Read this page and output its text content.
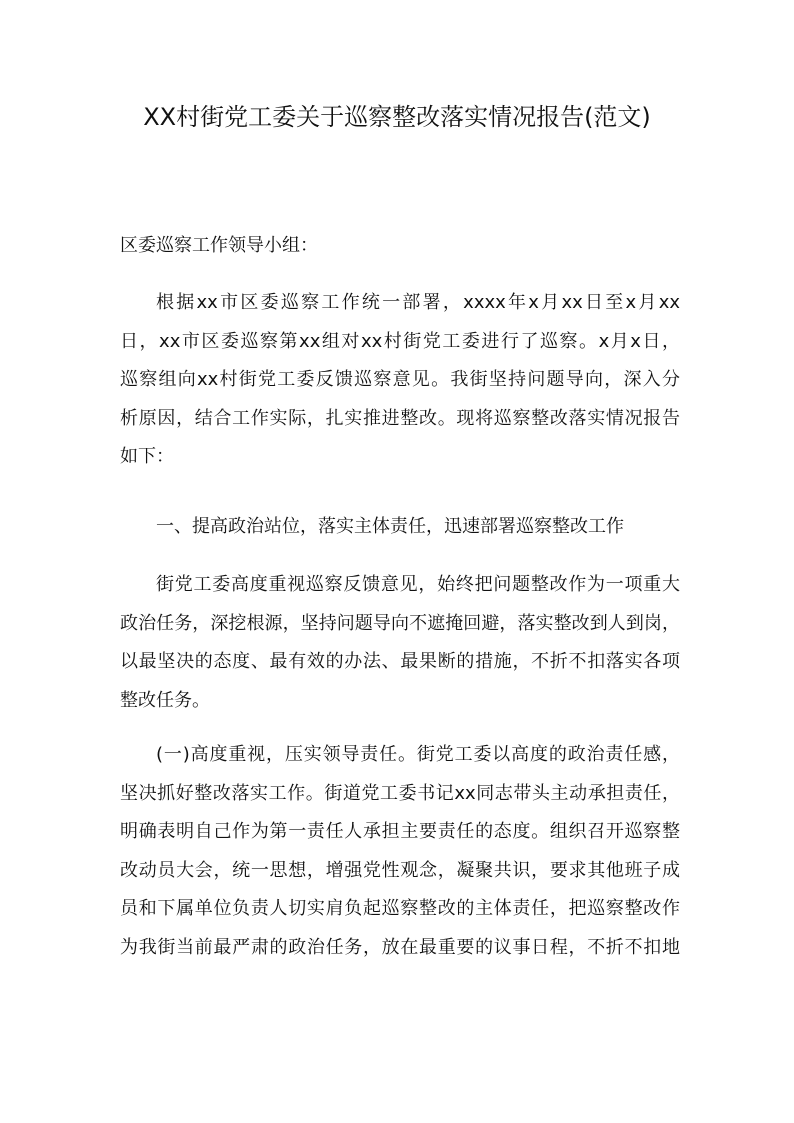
XX村街党工委关于巡察整改落实情况报告(范文)

区委巡察工作领导小组：

根据xx市区委巡察工作统一部署，xxxx年x月xx日至x月xx
日，xx市区委巡察第xx组对xx村街党工委进行了巡察。x月x日，
巡察组向xx村街党工委反馈巡察意见。我街坚持问题导向，深入分
析原因，结合工作实际，扎实推进整改。现将巡察整改落实情况报告
如下：

一、提高政治站位，落实主体责任，迅速部署巡察整改工作

街党工委高度重视巡察反馈意见，始终把问题整改作为一项重大
政治任务，深挖根源，坚持问题导向不遮掩回避，落实整改到人到岗，
以最坚决的态度、最有效的办法、最果断的措施，不折不扣落实各项
整改任务。
(一)高度重视，压实领导责任。街党工委以高度的政治责任感，
坚决抓好整改落实工作。街道党工委书记xx同志带头主动承担责任，
明确表明自己作为第一责任人承担主要责任的态度。组织召开巡察整
改动员大会，统一思想，增强党性观念，凝聚共识，要求其他班子成
员和下属单位负责人切实肩负起巡察整改的主体责任，把巡察整改作
为我街当前最严肃的政治任务，放在最重要的议事日程，不折不扣地
